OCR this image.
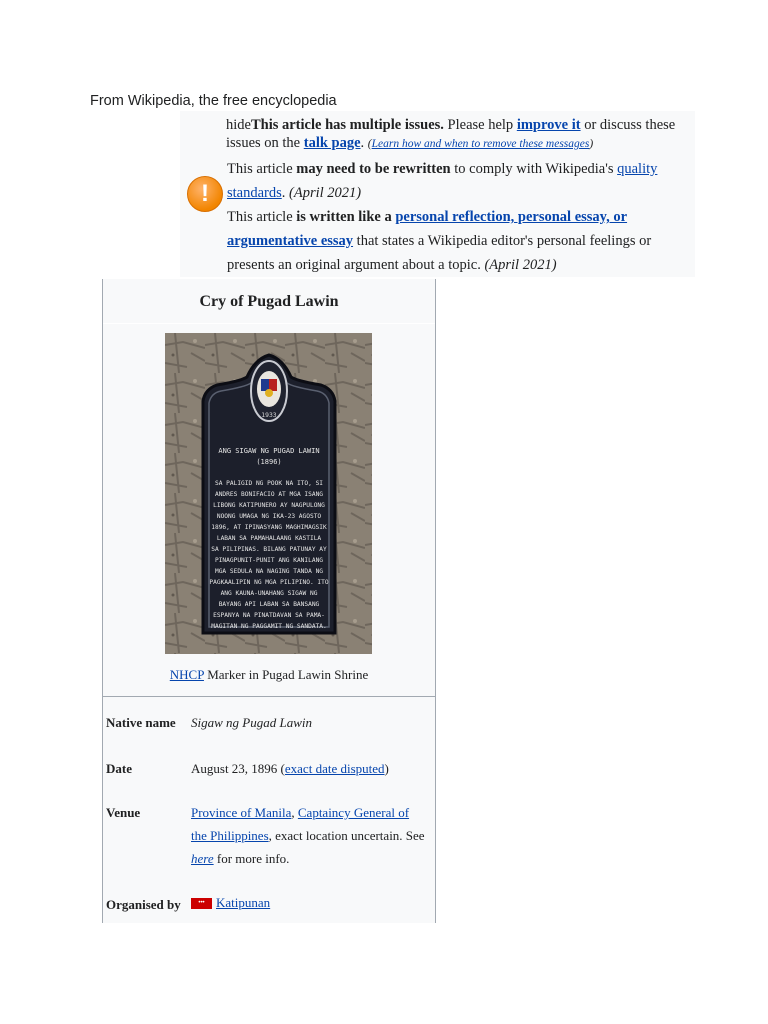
From Wikipedia, the free encyclopedia
hideThis article has multiple issues. Please help improve it or discuss these issues on the talk page. (Learn how and when to remove these messages)
!
This article may need to be rewritten to comply with Wikipedia's quality standards. (April 2021)
This article is written like a personal reflection, personal essay, or argumentative essay that states a Wikipedia editor's personal feelings or presents an original argument about a topic. (April 2021)
Cry of Pugad Lawin
1933
ANG SIGAW NG PUGAD LAWIN
(1896)
SA PALIGID NG POOK NA ITO, SI
ANDRES BONIFACIO AT MGA ISANG
LIBONG KATIPUNERO AY NAGPULONG
NOONG UMAGA NG IKA-23 AGOSTO
1896, AT IPINASYANG MAGHIMAGSIK
LABAN SA PAMAHALAANG KASTILA
SA PILIPINAS. BILANG PATUNAY AY
PINAGPUNIT-PUNIT ANG KANILANG
MGA SEDULA NA NAGING TANDA NG
PAGKAALIPIN NG MGA PILIPINO. ITO
ANG KAUNA-UNAHANG SIGAW NG
BAYANG API LABAN SA BANSANG
ESPANYA NA PINATDAVAN SA PAMA-
MAGITAN NG PAGGAMIT NG SANDATA.
NHCP Marker in Pugad Lawin Shrine
Native name Sigaw ng Pugad Lawin
Date	August 23, 1896 (exact date disputed)
Venue	Province of Manila, Captaincy General of the Philippines, exact location uncertain. See here for more info.
Organised by	••• Katipunan
